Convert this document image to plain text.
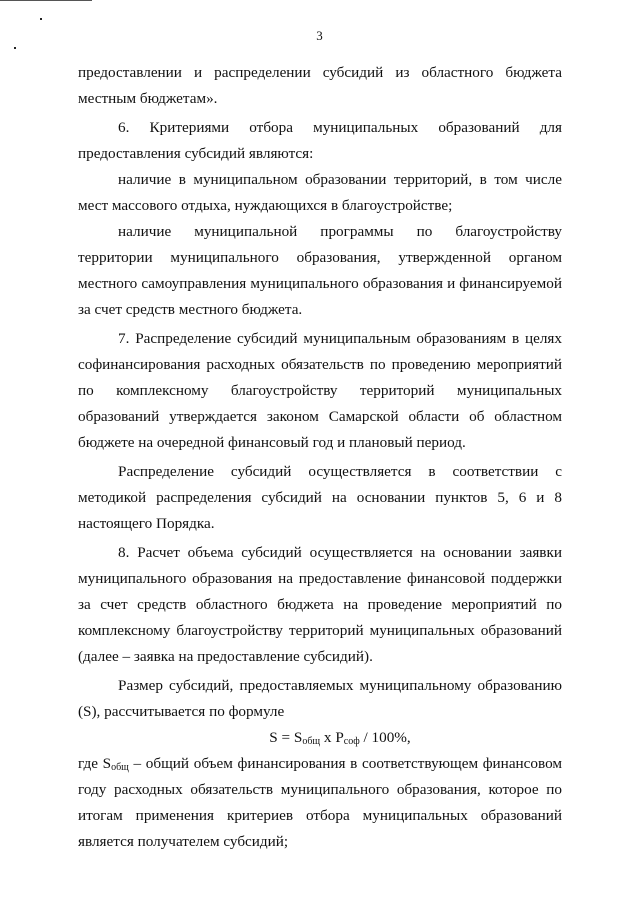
3

предоставлении и распределении субсидий из областного бюджета местным бюджетам».

6. Критериями отбора муниципальных образований для предоставления субсидий являются:

наличие в муниципальном образовании территорий, в том числе мест массового отдыха, нуждающихся в благоустройстве;

наличие муниципальной программы по благоустройству территории муниципального образования, утвержденной органом местного самоуправления муниципального образования и финансируемой за счет средств местного бюджета.

7. Распределение субсидий муниципальным образованиям в целях софинансирования расходных обязательств по проведению мероприятий по комплексному благоустройству территорий муниципальных образований утверждается законом Самарской области об областном бюджете на очередной финансовый год и плановый период.

Распределение субсидий осуществляется в соответствии с методикой распределения субсидий на основании пунктов 5, 6 и 8 настоящего Порядка.

8. Расчет объема субсидий осуществляется на основании заявки муниципального образования на предоставление финансовой поддержки за счет средств областного бюджета на проведение мероприятий по комплексному благоустройству территорий муниципальных образований (далее – заявка на предоставление субсидий).

Размер субсидий, предоставляемых муниципальному образованию (S), рассчитывается по формуле

$S = S_{общ}$ x $P_{соф} / 100\%$,

где $S_{общ}$ – общий объем финансирования в соответствующем финансовом году расходных обязательств муниципального образования, которое по итогам применения критериев отбора муниципальных образований является получателем субсидий;
